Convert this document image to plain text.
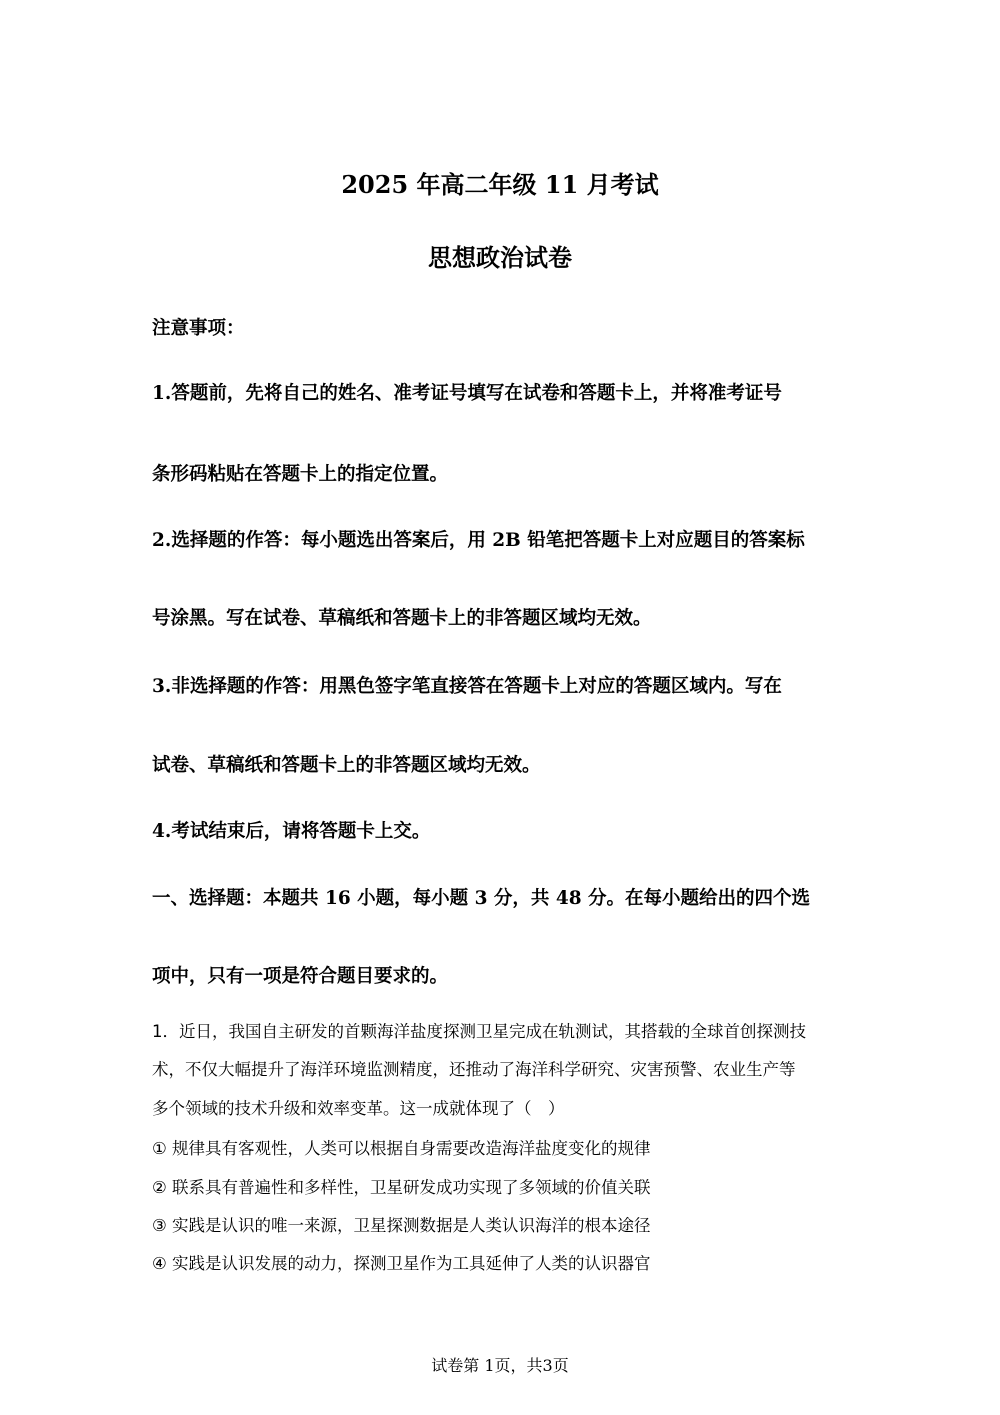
2025 年高二年级 11 月考试
思想政治试卷
注意事项：
1.答题前，先将自己的姓名、准考证号填写在试卷和答题卡上，并将准考证号
条形码粘贴在答题卡上的指定位置。
2.选择题的作答：每小题选出答案后，用 2B 铅笔把答题卡上对应题目的答案标
号涂黑。写在试卷、草稿纸和答题卡上的非答题区域均无效。
3.非选择题的作答：用黑色签字笔直接答在答题卡上对应的答题区域内。写在
试卷、草稿纸和答题卡上的非答题区域均无效。
4.考试结束后，请将答题卡上交。
一、选择题：本题共 16 小题，每小题 3 分，共 48 分。在每小题给出的四个选
项中，只有一项是符合题目要求的。
1．近日，我国自主研发的首颗海洋盐度探测卫星完成在轨测试，其搭载的全球首创探测技
术，不仅大幅提升了海洋环境监测精度，还推动了海洋科学研究、灾害预警、农业生产等
多个领域的技术升级和效率变革。这一成就体现了（　）
① 规律具有客观性，人类可以根据自身需要改造海洋盐度变化的规律
② 联系具有普遍性和多样性，卫星研发成功实现了多领域的价值关联
③ 实践是认识的唯一来源，卫星探测数据是人类认识海洋的根本途径
④ 实践是认识发展的动力，探测卫星作为工具延伸了人类的认识器官
试卷第 1页，共3页
